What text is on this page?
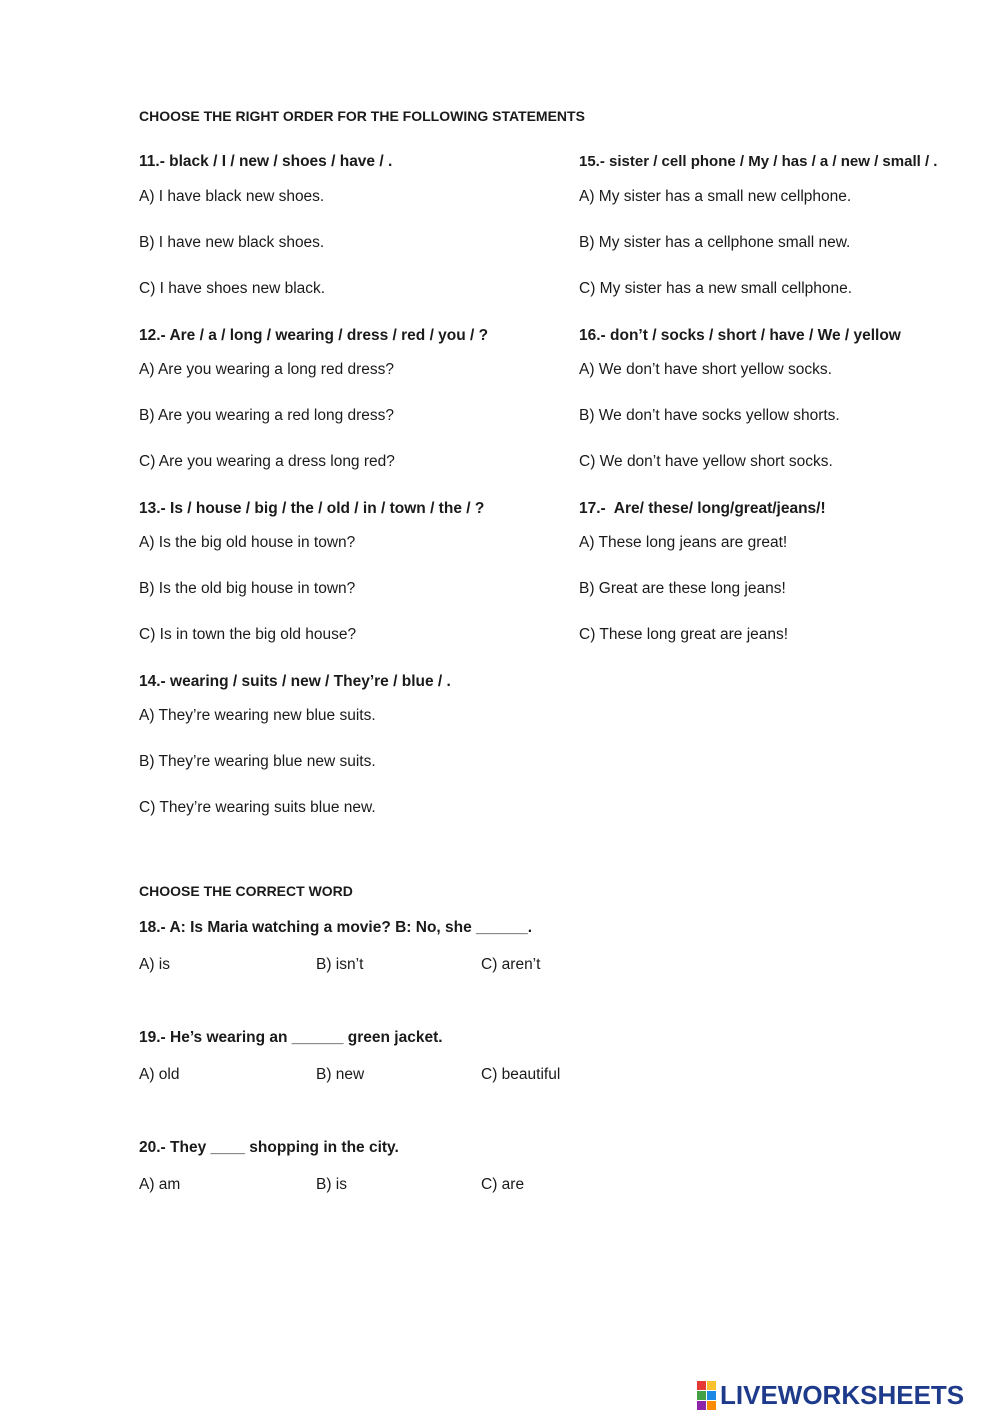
CHOOSE THE RIGHT ORDER FOR THE FOLLOWING STATEMENTS
11.- black / I / new / shoes / have / .
A) I have black new shoes.
B) I have new black shoes.
C) I have shoes new black.
12.- Are / a / long / wearing / dress / red / you / ?
A) Are you wearing a long red dress?
B) Are you wearing a red long dress?
C) Are you wearing a dress long red?
13.- Is / house / big / the / old / in / town / the / ?
A) Is the big old house in town?
B) Is the old big house in town?
C) Is in town the big old house?
14.- wearing / suits / new / They’re / blue / .
A) They’re wearing new blue suits.
B) They’re wearing blue new suits.
C) They’re wearing suits blue new.
15.- sister / cell phone / My / has / a / new / small / .
A) My sister has a small new cellphone.
B) My sister has a cellphone small new.
C) My sister has a new small cellphone.
16.- don’t / socks / short / have / We / yellow
A) We don’t have short yellow socks.
B) We don’t have socks yellow shorts.
C) We don’t have yellow short socks.
17.-  Are/ these/ long/great/jeans/!
A) These long jeans are great!
B) Great are these long jeans!
C) These long great are jeans!
CHOOSE THE CORRECT WORD
18.- A: Is Maria watching a movie? B: No, she ______.
A) is	B) isn’t	C) aren’t
19.- He’s wearing an ______ green jacket.
A) old	B) new	C) beautiful
20.- They ____ shopping in the city.
A) am	B) is	C) are
LIVEWORKSHEETS
